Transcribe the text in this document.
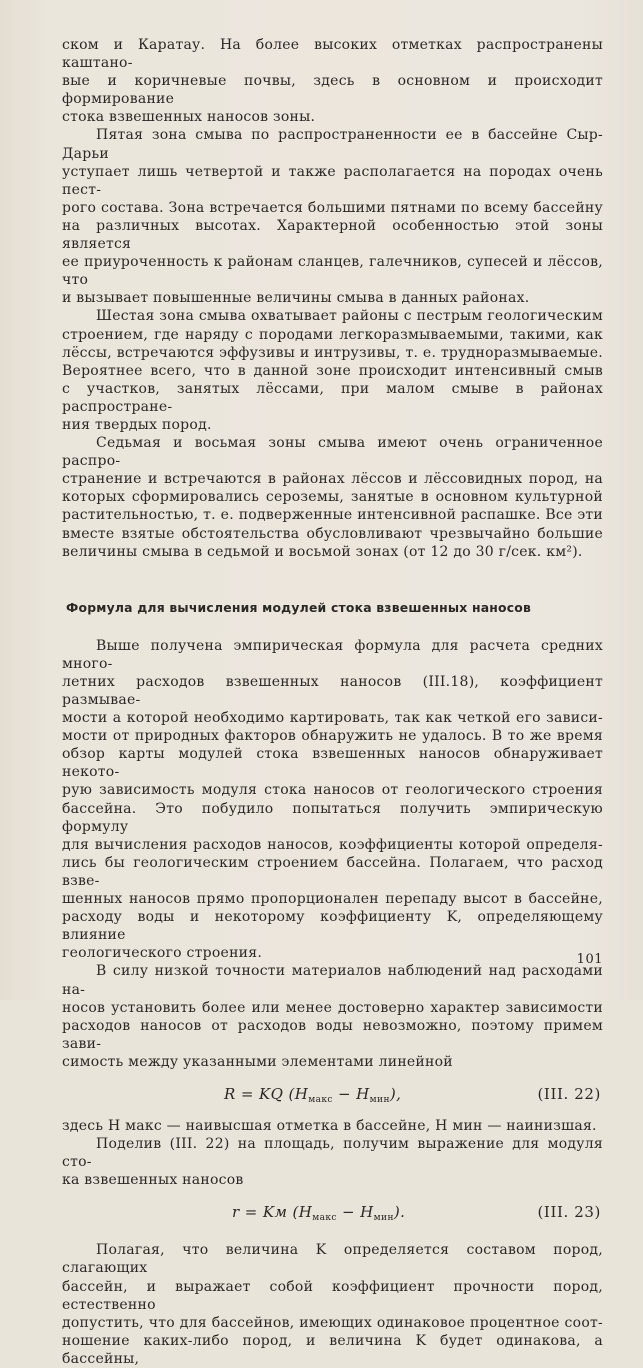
ском и Каратау. На более высоких отметках распространены каштано-
вые и коричневые почвы, здесь в основном и происходит формирование

стока взвешенных наносов зоны.

Пятая зона смыва по распространенности ее в бассейне Сыр-Дарьи
уступает лишь четвертой и также располагается на породах очень пест-
рого состава. Зона встречается большими пятнами по всему бассейну
на различных высотах. Характерной особенностью этой зоны является
ее приуроченность к районам сланцев, галечников, супесей и лёссов, что

и вызывает повышенные величины смыва в данных районах.

Шестая зона смыва охватывает районы с пестрым геологическим
строением, где наряду с породами легкоразмываемыми, такими, как
лёссы, встречаются эффузивы и интрузивы, т. е. трудноразмываемые.
Вероятнее всего, что в данной зоне происходит интенсивный смыв
с участков, занятых лёссами, при малом смыве в районах распростране-

ния твердых пород.

Седьмая и восьмая зоны смыва имеют очень ограниченное распро-
странение и встречаются в районах лёссов и лёссовидных пород, на
которых сформировались сероземы, занятые в основном культурной
растительностью, т. е. подверженные интенсивной распашке. Все эти
вместе взятые обстоятельства обусловливают чрезвычайно большие

величины смыва в седьмой и восьмой зонах (от 12 до 30 г/сек. км²).

Формула для вычисления модулей стока взвешенных наносов

Выше получена эмпирическая формула для расчета средних много-
летних расходов взвешенных наносов (III.18), коэффициент размывае-
мости a которой необходимо картировать, так как четкой его зависи-
мости от природных факторов обнаружить не удалось. В то же время
обзор карты модулей стока взвешенных наносов обнаруживает некото-
рую зависимость модуля стока наносов от геологического строения
бассейна. Это побудило попытаться получить эмпирическую формулу
для вычисления расходов наносов, коэффициенты которой определя-
лись бы геологическим строением бассейна. Полагаем, что расход взве-
шенных наносов прямо пропорционален перепаду высот в бассейне,
расходу воды и некоторому коэффициенту K, определяющему влияние

геологического строения.

В силу низкой точности материалов наблюдений над расходами на-
носов установить более или менее достоверно характер зависимости
расходов наносов от расходов воды невозможно, поэтому примем зави-

симость между указанными элементами линейной

R = KQ $(H_{макс} - H_{мин})$,	(III. 22)

здесь H макс — наивысшая отметка в бассейне, H мин — наинизшая.

Поделив (III. 22) на площадь, получим выражение для модуля сто-

ка взвешенных наносов

r = Kм $(H_{макс} - H_{мин})$.	(III. 23)

Полагая, что величина K определяется составом пород, слагающих
бассейн, и выражает собой коэффициент прочности пород, естественно
допустить, что для бассейнов, имеющих одинаковое процентное соот-
ношение каких-либо пород, и величина K будет одинакова, а бассейны,

101
